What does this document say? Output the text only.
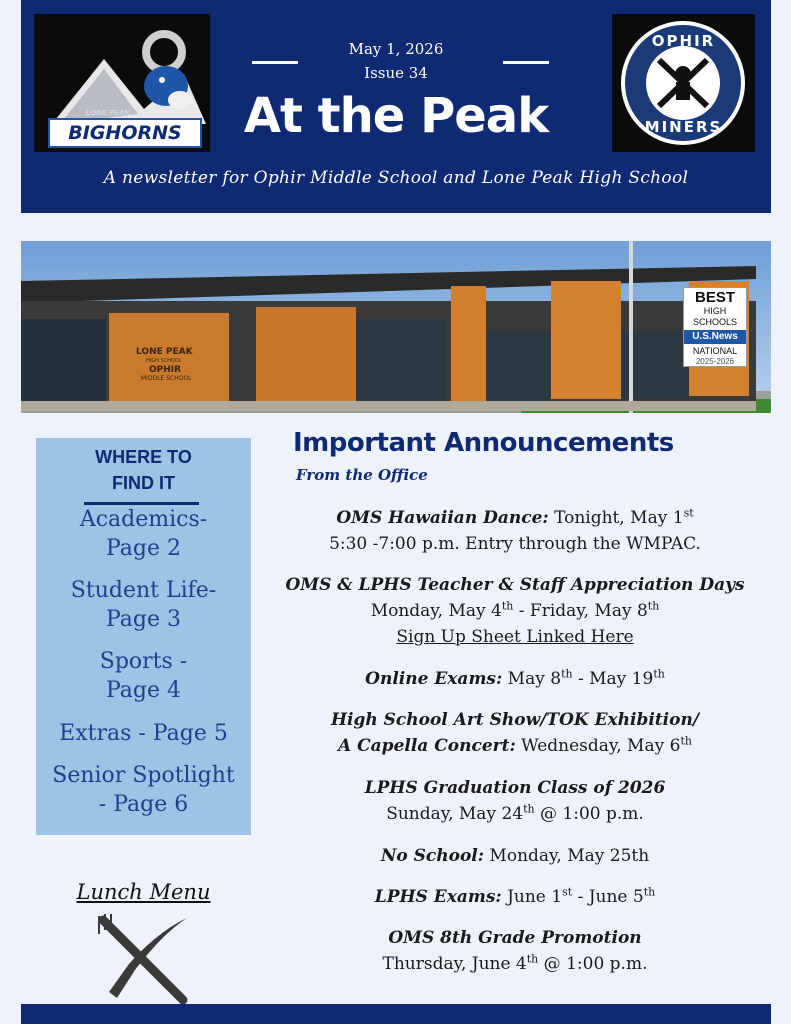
LONE PEAK
BIGHORNS
May 1, 2026
Issue 34
At the Peak
A newsletter for Ophir Middle School and Lone Peak High School
OPHIR
MINERS
LONE PEAK
HIGH SCHOOL
OPHIR
MIDDLE SCHOOL
BEST
HIGH SCHOOLS
U.S.News
NATIONAL
2025-2026
WHERE TO
FIND IT
Academics-
Page 2
Student Life-
Page 3
Sports -
Page 4
Extras - Page 5
Senior Spotlight
- Page 6
Lunch Menu
Important Announcements
From the Office
OMS Hawaiian Dance: Tonight, May 1st
5:30 -7:00 p.m. Entry through the WMPAC.
OMS & LPHS Teacher & Staff Appreciation Days
Monday, May 4th - Friday, May 8th
Sign Up Sheet Linked Here
Online Exams: May 8th - May 19th
High School Art Show/TOK Exhibition/
A Capella Concert: Wednesday, May 6th
LPHS Graduation Class of 2026
Sunday, May 24th @ 1:00 p.m.
No School: Monday, May 25th
LPHS Exams: June 1st - June 5th
OMS 8th Grade Promotion
Thursday, June 4th @ 1:00 p.m.
